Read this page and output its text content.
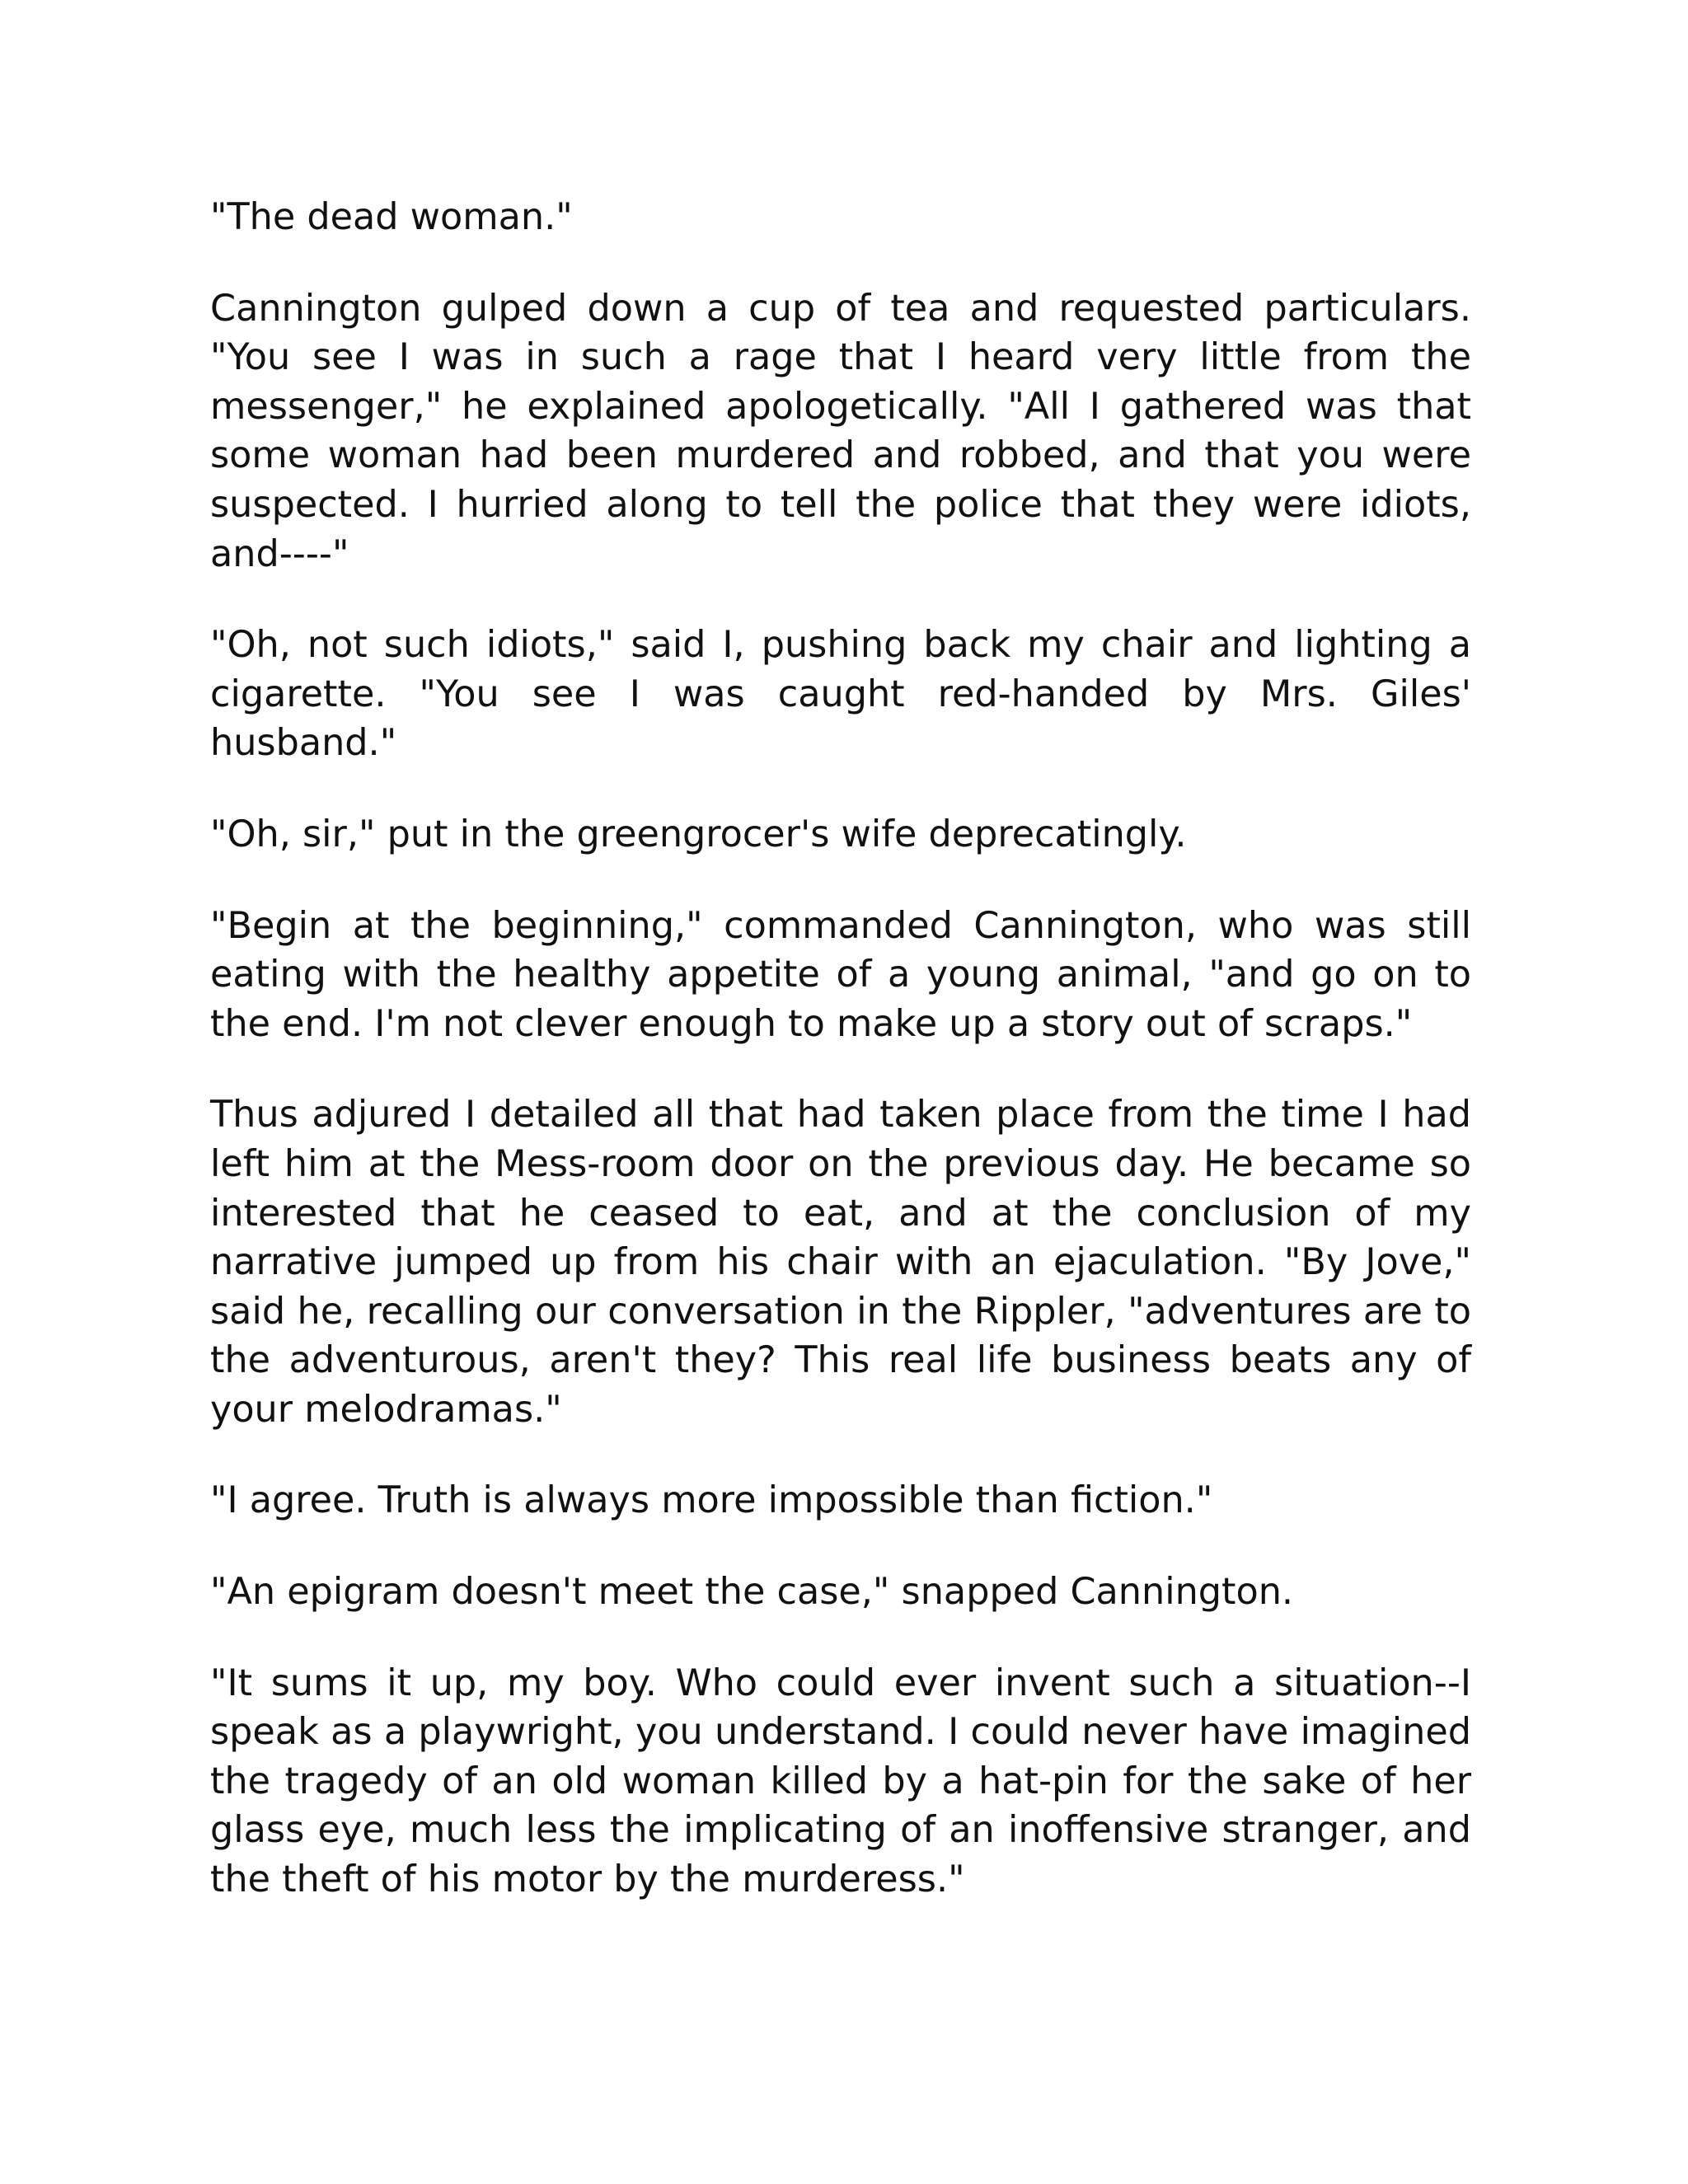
"The dead woman."

Cannington gulped down a cup of tea and requested particulars. "You see I was in such a rage that I heard very little from the messenger," he explained apologetically. "All I gathered was that some woman had been murdered and robbed, and that you were suspected. I hurried along to tell the police that they were idiots, and----"

"Oh, not such idiots," said I, pushing back my chair and lighting a cigarette. "You see I was caught red-handed by Mrs. Giles' husband."

"Oh, sir," put in the greengrocer's wife deprecatingly.

"Begin at the beginning," commanded Cannington, who was still eating with the healthy appetite of a young animal, "and go on to the end. I'm not clever enough to make up a story out of scraps."

Thus adjured I detailed all that had taken place from the time I had left him at the Mess-room door on the previous day. He became so interested that he ceased to eat, and at the conclusion of my narrative jumped up from his chair with an ejaculation. "By Jove," said he, recalling our conversation in the Rippler, "adventures are to the adventurous, aren't they? This real life business beats any of your melodramas."

"I agree. Truth is always more impossible than fiction."

"An epigram doesn't meet the case," snapped Cannington.

"It sums it up, my boy. Who could ever invent such a situation--I speak as a playwright, you understand. I could never have imagined the tragedy of an old woman killed by a hat-pin for the sake of her glass eye, much less the implicating of an inoffensive stranger, and the theft of his motor by the murderess."
